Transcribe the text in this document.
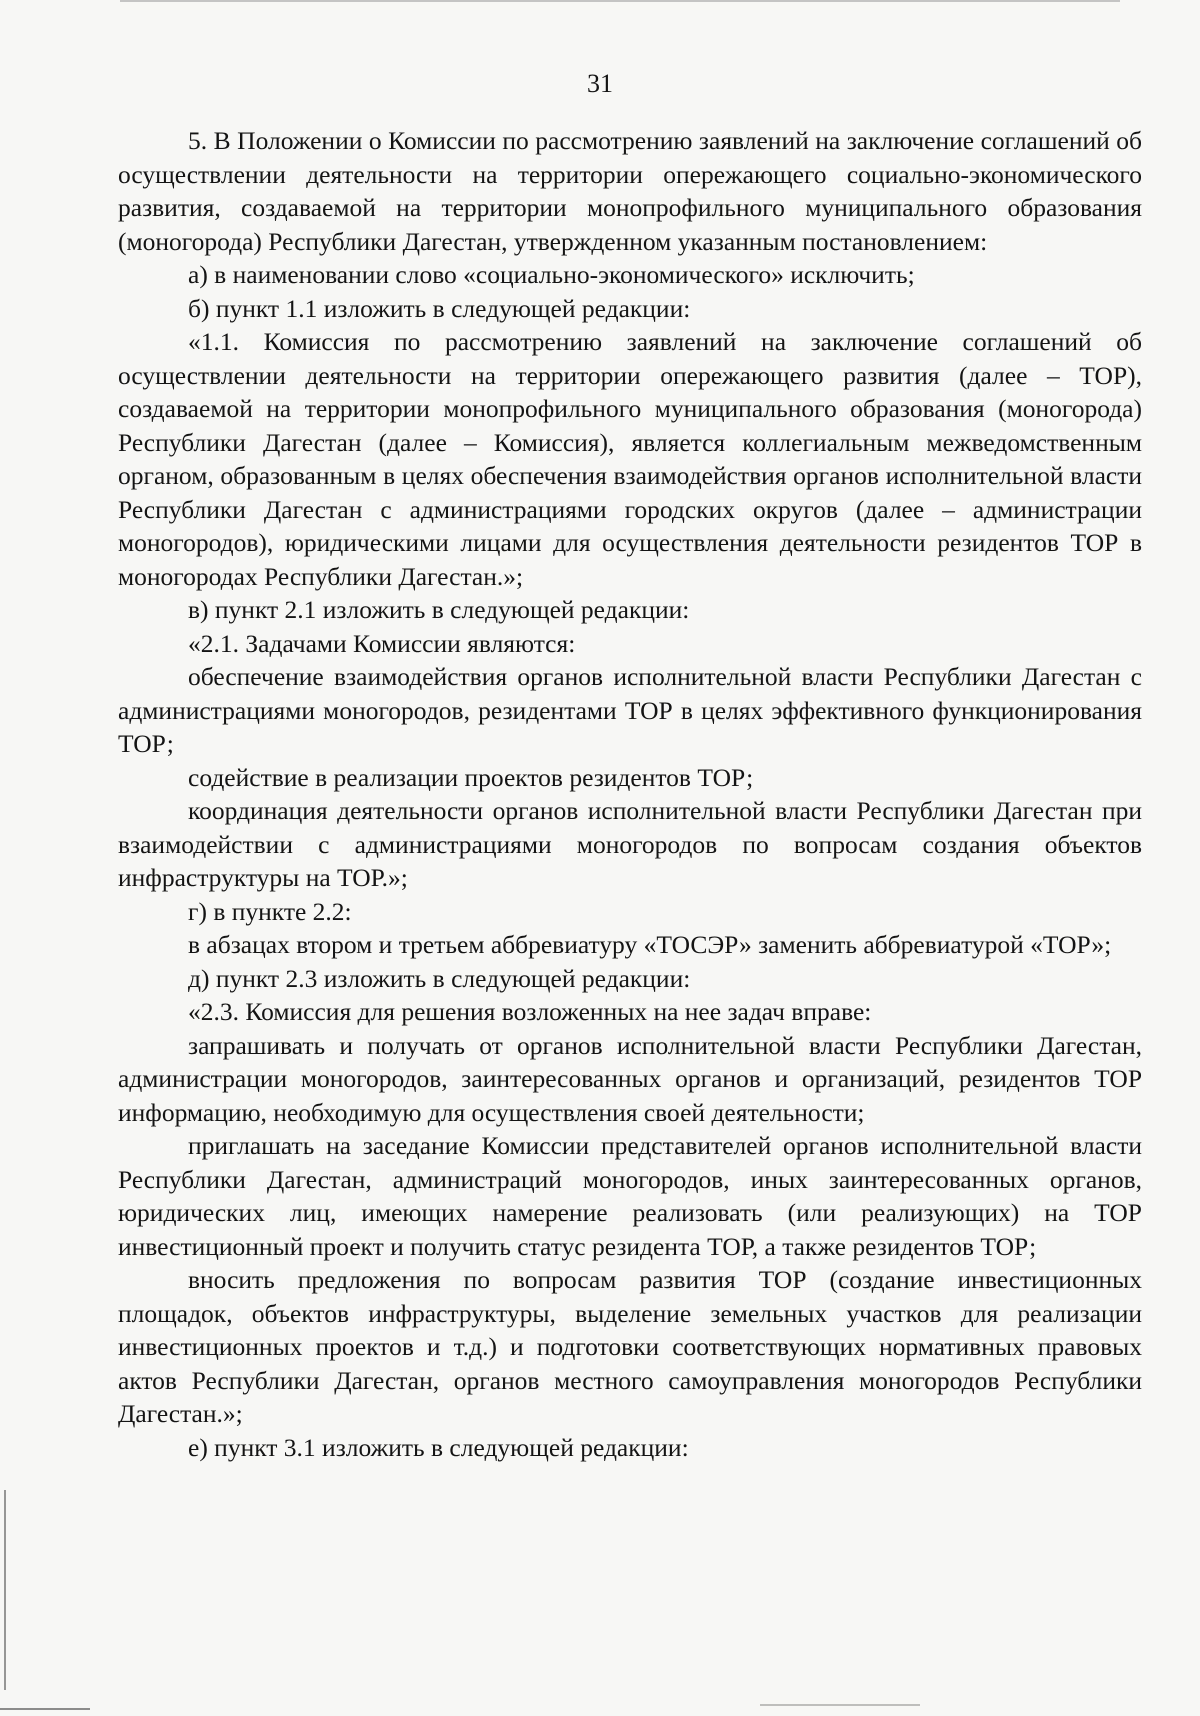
31

5. В Положении о Комиссии по рассмотрению заявлений на заключение соглашений об осуществлении деятельности на территории опережающего социально-экономического развития, создаваемой на территории монопрофильного муниципального образования (моногорода) Республики Дагестан, утвержденном указанным постановлением:

а) в наименовании слово «социально-экономического» исключить;

б) пункт 1.1 изложить в следующей редакции:

«1.1. Комиссия по рассмотрению заявлений на заключение соглашений об осуществлении деятельности на территории опережающего развития (далее – ТОР), создаваемой на территории монопрофильного муниципального образования (моногорода) Республики Дагестан (далее – Комиссия), является коллегиальным межведомственным органом, образованным в целях обеспечения взаимодействия органов исполнительной власти Республики Дагестан с администрациями городских округов (далее – администрации моногородов), юридическими лицами для осуществления деятельности резидентов ТОР в моногородах Республики Дагестан.»;

в) пункт 2.1 изложить в следующей редакции:

«2.1. Задачами Комиссии являются:

обеспечение взаимодействия органов исполнительной власти Республики Дагестан с администрациями моногородов, резидентами ТОР в целях эффективного функционирования ТОР;

содействие в реализации проектов резидентов ТОР;

координация деятельности органов исполнительной власти Республики Дагестан при взаимодействии с администрациями моногородов по вопросам создания объектов инфраструктуры на ТОР.»;

г) в пункте 2.2:

в абзацах втором и третьем аббревиатуру «ТОСЭР» заменить аббревиатурой «ТОР»;

д) пункт 2.3 изложить в следующей редакции:

«2.3. Комиссия для решения возложенных на нее задач вправе:

запрашивать и получать от органов исполнительной власти Республики Дагестан, администрации моногородов, заинтересованных органов и организаций, резидентов ТОР информацию, необходимую для осуществления своей деятельности;

приглашать на заседание Комиссии представителей органов исполнительной власти Республики Дагестан, администраций моногородов, иных заинтересованных органов, юридических лиц, имеющих намерение реализовать (или реализующих) на ТОР инвестиционный проект и получить статус резидента ТОР, а также резидентов ТОР;

вносить предложения по вопросам развития ТОР (создание инвестиционных площадок, объектов инфраструктуры, выделение земельных участков для реализации инвестиционных проектов и т.д.) и подготовки соответствующих нормативных правовых актов Республики Дагестан, органов местного самоуправления моногородов Республики Дагестан.»;

е) пункт 3.1 изложить в следующей редакции:
